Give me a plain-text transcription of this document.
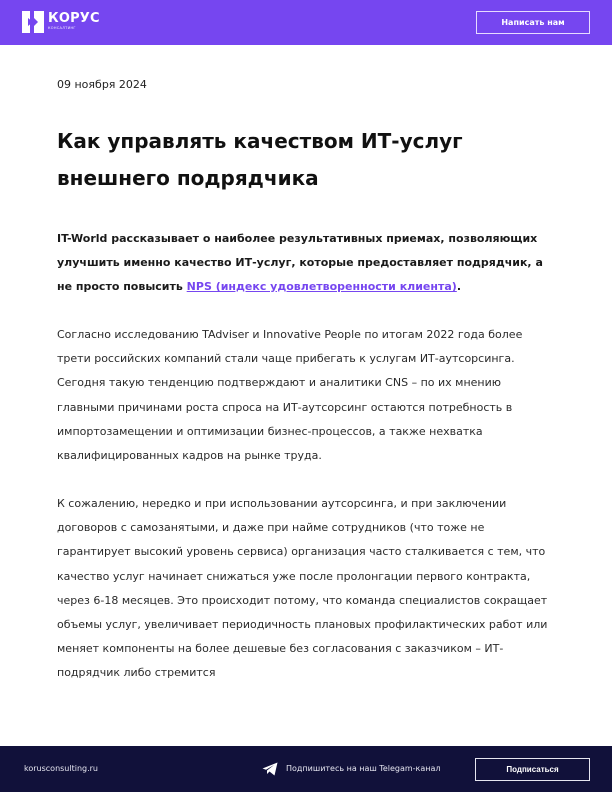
КОРУС
КОНСАЛТИНГ
Написать нам
09 ноября 2024
Как управлять качеством ИТ-услуг внешнего подрядчика

IT-World рассказывает о наиболее результативных приемах, позволяющих улучшить именно качество ИТ-услуг, которые предоставляет подрядчик, а не просто повысить NPS (индекс удовлетворенности клиента).

Согласно исследованию TAdviser и Innovative People по итогам 2022 года более трети российских компаний стали чаще прибегать к услугам ИТ-аутсорсинга. Сегодня такую тенденцию подтверждают и аналитики CNS – по их мнению главными причинами роста спроса на ИТ-аутсорсинг остаются потребность в импортозамещении и оптимизации бизнес-процессов, а также нехватка квалифицированных кадров на рынке труда.

К сожалению, нередко и при использовании аутсорсинга, и при заключении договоров с самозанятыми, и даже при найме сотрудников (что тоже не гарантирует высокий уровень сервиса) организация часто сталкивается с тем, что качество услуг начинает снижаться уже после пролонгации первого контракта, через 6-18 месяцев. Это происходит потому, что команда специалистов сокращает объемы услуг, увеличивает периодичность плановых профилактических работ или меняет компоненты на более дешевые без согласования с заказчиком – ИТ-подрядчик либо стремится

korusconsulting.ru	Подпишитесь на наш Telegam-канал	Подписаться
